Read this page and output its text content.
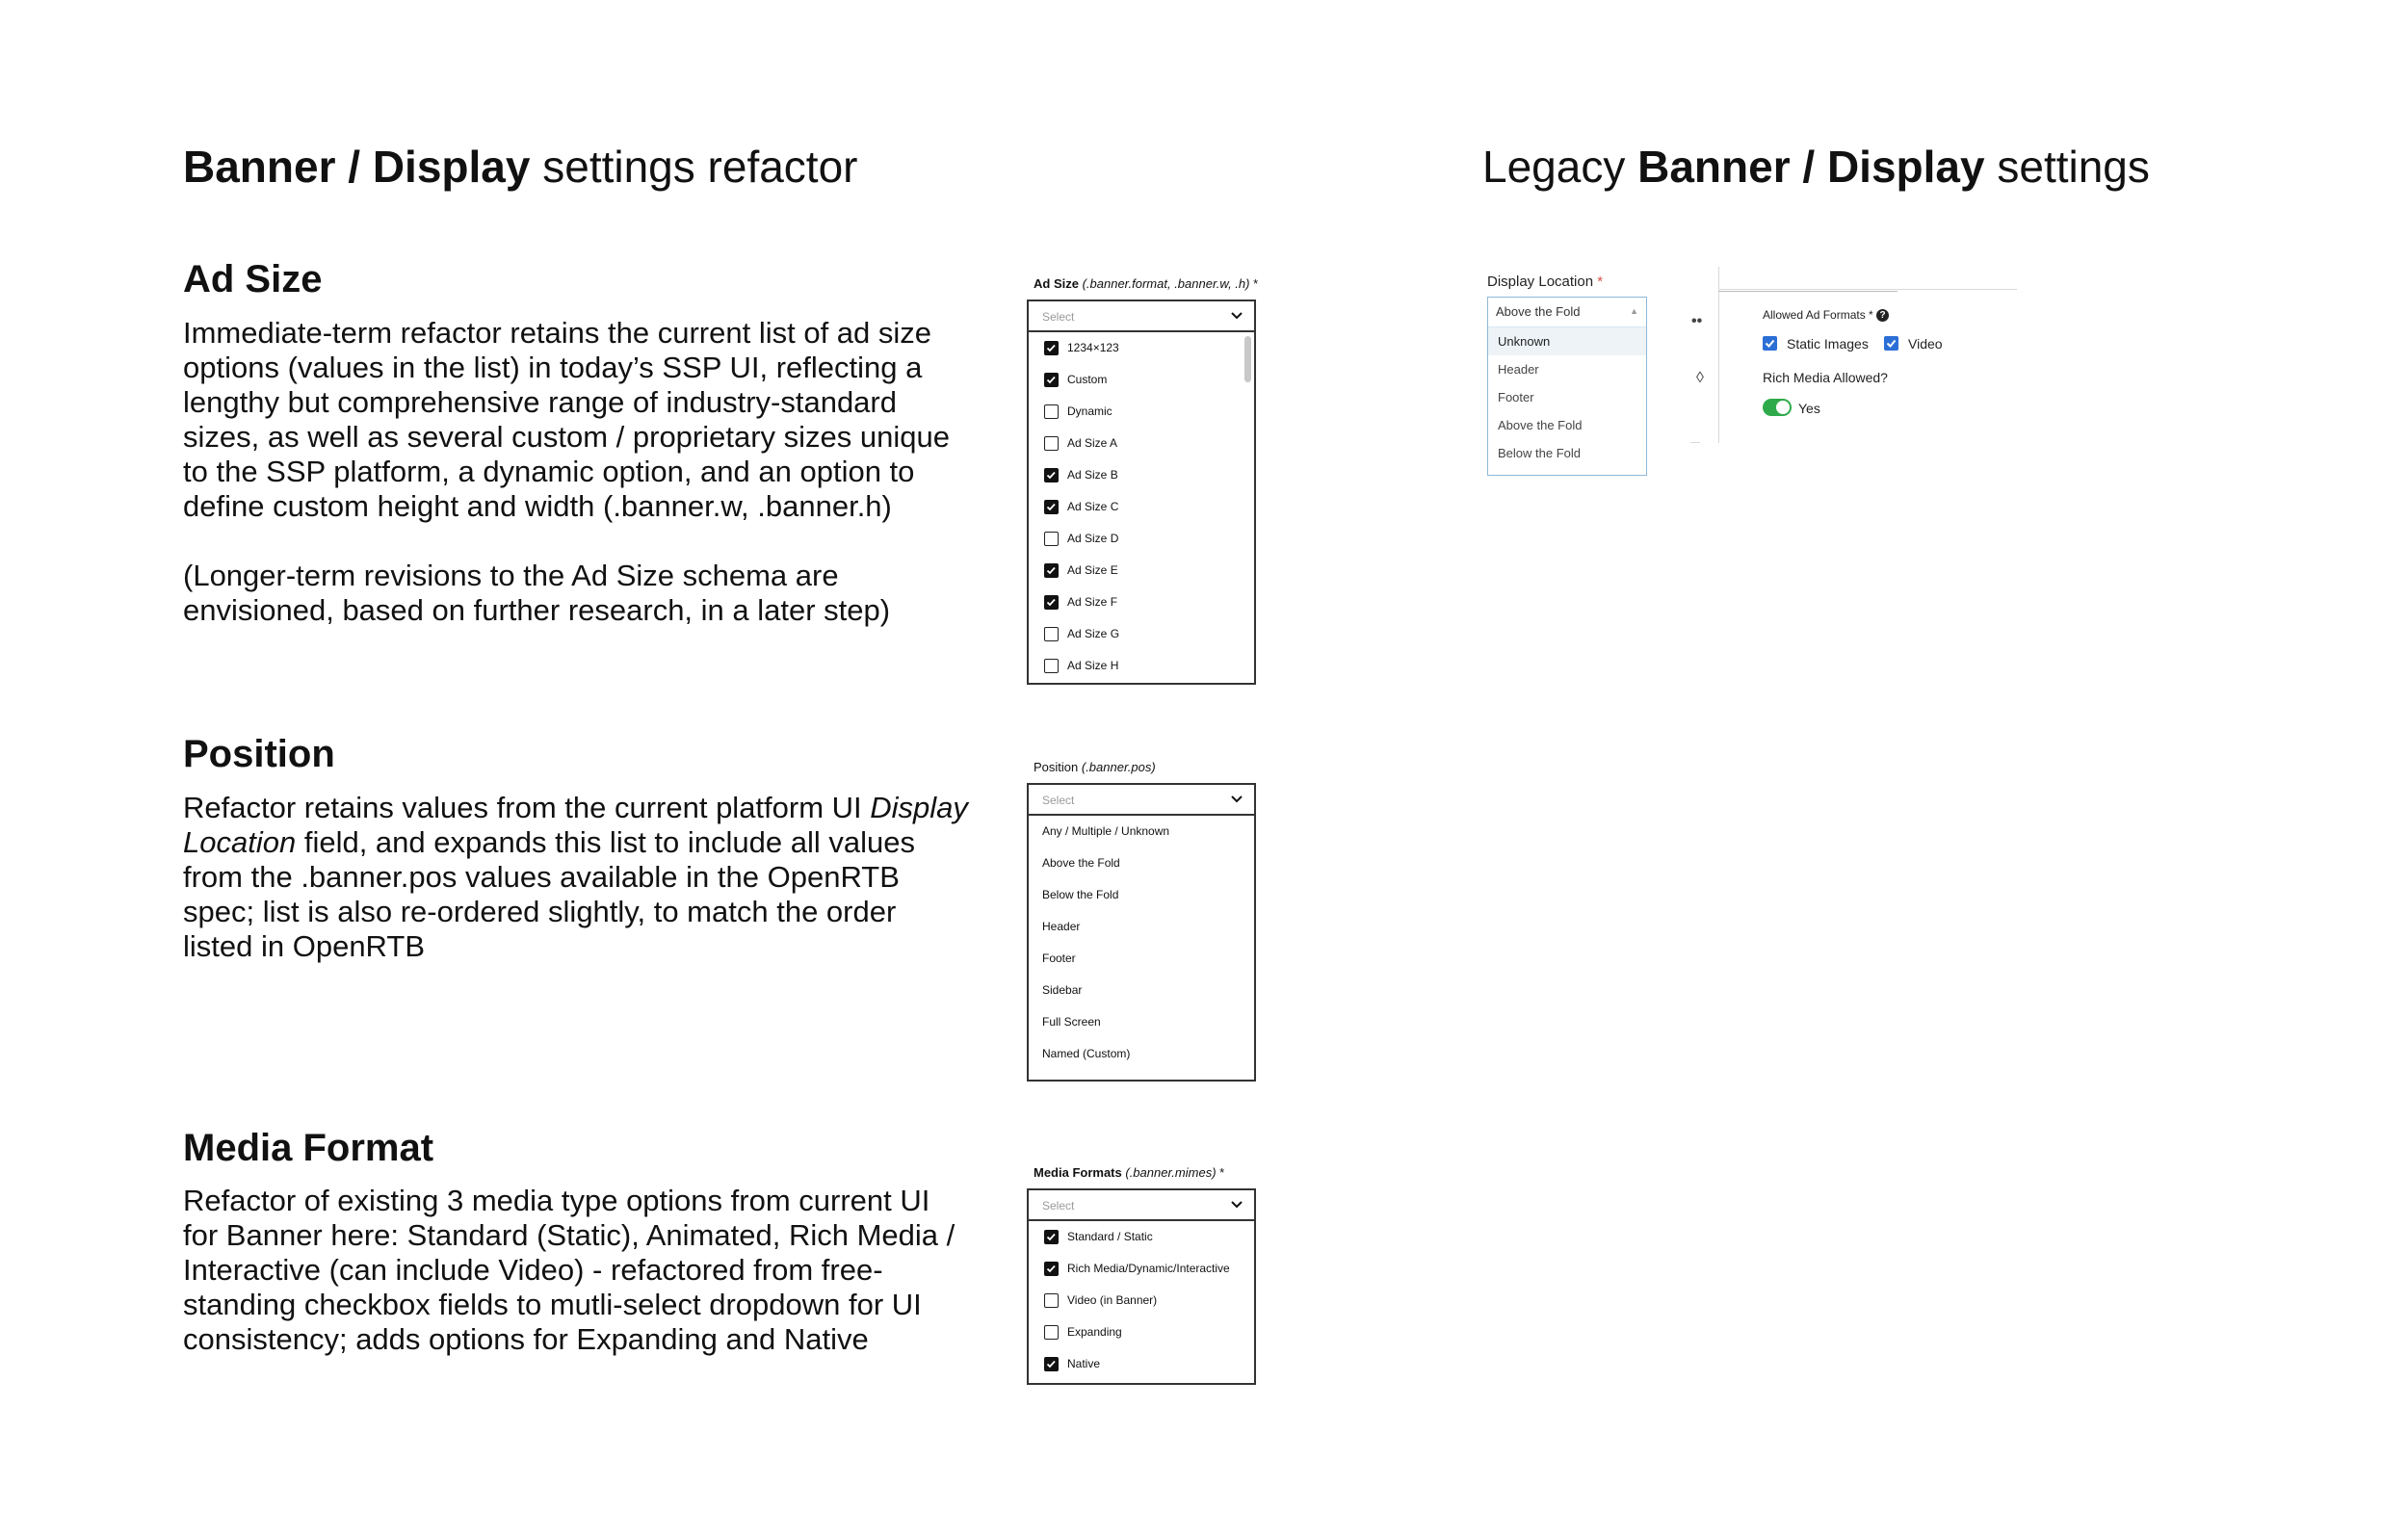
Banner / Display settings refactor	Legacy Banner / Display settings
Ad Size

Immediate-term refactor retains the current list of ad size options (values in the list) in today’s SSP UI, reflecting a lengthy but comprehensive range of industry-standard sizes, as well as several custom / proprietary sizes unique to the SSP platform, a dynamic option, and an option to define custom height and width (.banner.w, .banner.h)

(Longer-term revisions to the Ad Size schema are envisioned, based on further research, in a later step)

Position

Refactor retains values from the current platform UI Display Location field, and expands this list to include all values from the .banner.pos values available in the OpenRTB spec; list is also re-ordered slightly, to match the order listed in OpenRTB

Media Format

Refactor of existing 3 media type options from current UI for Banner here: Standard (Static), Animated, Rich Media / Interactive (can include Video) - refactored from free-standing checkbox fields to mutli-select dropdown for UI consistency; adds options for Expanding and Native

Ad Size (.banner.format, .banner.w, .h) *
Select
1234×123
Custom
Dynamic
Ad Size A
Ad Size B
Ad Size C
Ad Size D
Ad Size E
Ad Size F
Ad Size G
Ad Size H
Position (.banner.pos)
Select
Any / Multiple / Unknown
Above the Fold
Below the Fold
Header
Footer
Sidebar
Full Screen
Named (Custom)
Media Formats (.banner.mimes) *
Select
Standard / Static
Rich Media/Dynamic/Interactive
Video (in Banner)
Expanding
Native
Display Location *
Above the Fold	▲
Unknown
Header
Footer
Above the Fold
Below the Fold
••
◊
Allowed Ad Formats * ?
Static Images	Video
Rich Media Allowed?
Yes
